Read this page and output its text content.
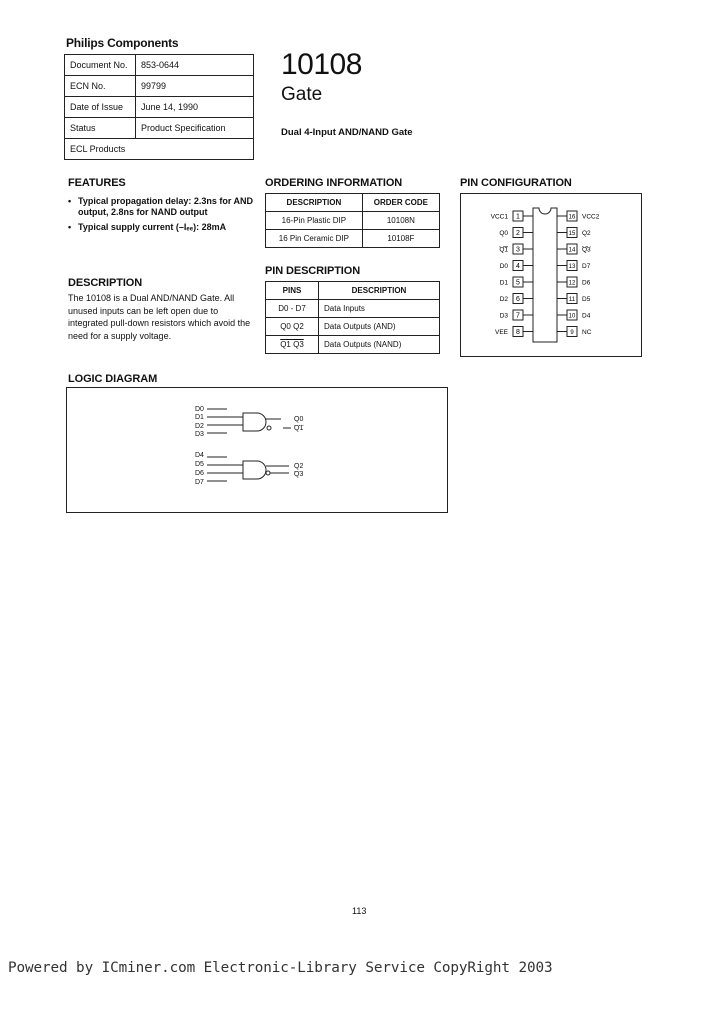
Philips Components
Document No.	853-0644
ECN No.	99799
Date of Issue	June 14, 1990
Status	Product Specification
ECL Products	
10108
Gate
Dual 4-Input AND/NAND Gate
FEATURES
• Typical propagation delay: 2.3ns for AND output, 2.8ns for NAND output
• Typical supply current (–Iₑₑ): 28mA
DESCRIPTION
The 10108 is a Dual AND/NAND Gate. All unused inputs can be left open due to integrated pull-down resistors which avoid the need for a supply voltage.
ORDERING INFORMATION
DESCRIPTION	ORDER CODE
16-Pin Plastic DIP	10108N
16 Pin Ceramic DIP	10108F
PIN DESCRIPTION
PINS	DESCRIPTION
D0 - D7	Data Inputs
Q0 Q2	Data Outputs (AND)
Q1 Q3	Data Outputs (NAND)
PIN CONFIGURATION
1
VCC1
2
Q0
3
Q1
4
D0
5
D1
6
D2
7
D3
8
VEE
16 VCC2
15 Q2
14 Q3
13 D7
12 D6
11 D5
10 D4
9 NC
LOGIC DIAGRAM
D0
D1
D2
D3
Q0
Q1
D4
D5
D6
D7
Q2
Q3
113
Powered by ICminer.com Electronic-Library Service CopyRight 2003
